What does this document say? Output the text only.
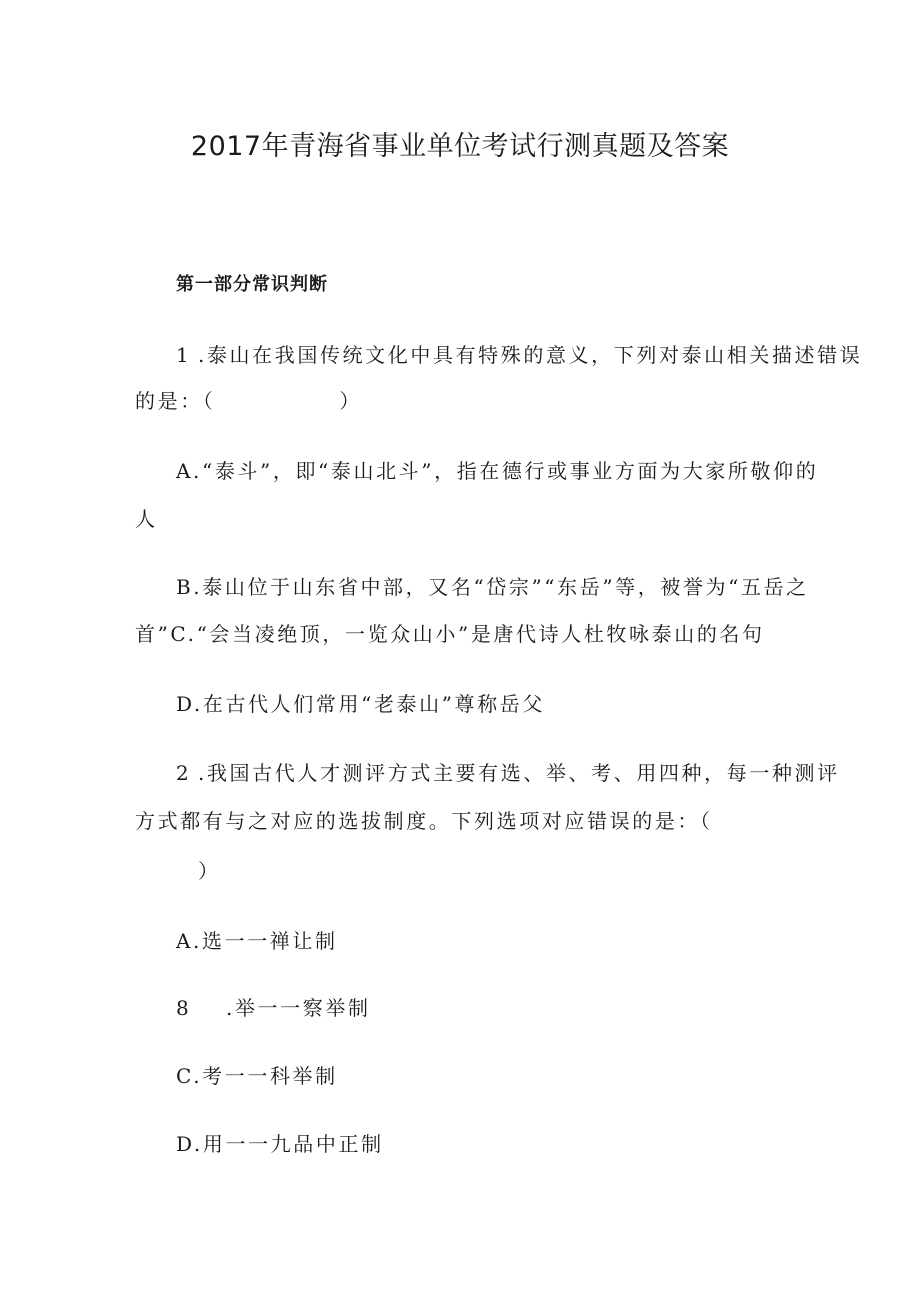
2017年青海省事业单位考试行测真题及答案
第一部分常识判断
1 .泰山在我国传统文化中具有特殊的意义，下列对泰山相关描述错误
的是：（	）
A.“泰斗”，即“泰山北斗”，指在德行或事业方面为大家所敬仰的
人
B.泰山位于山东省中部，又名“岱宗”“东岳”等，被誉为“五岳之
首”C.“会当凌绝顶，一览众山小”是唐代诗人杜牧咏泰山的名句
D.在古代人们常用“老泰山”尊称岳父
2 .我国古代人才测评方式主要有选、举、考、用四种，每一种测评
方式都有与之对应的选拔制度。下列选项对应错误的是：（
）
A.选一一禅让制
8 .举一一察举制
C.考一一科举制
D.用一一九品中正制
